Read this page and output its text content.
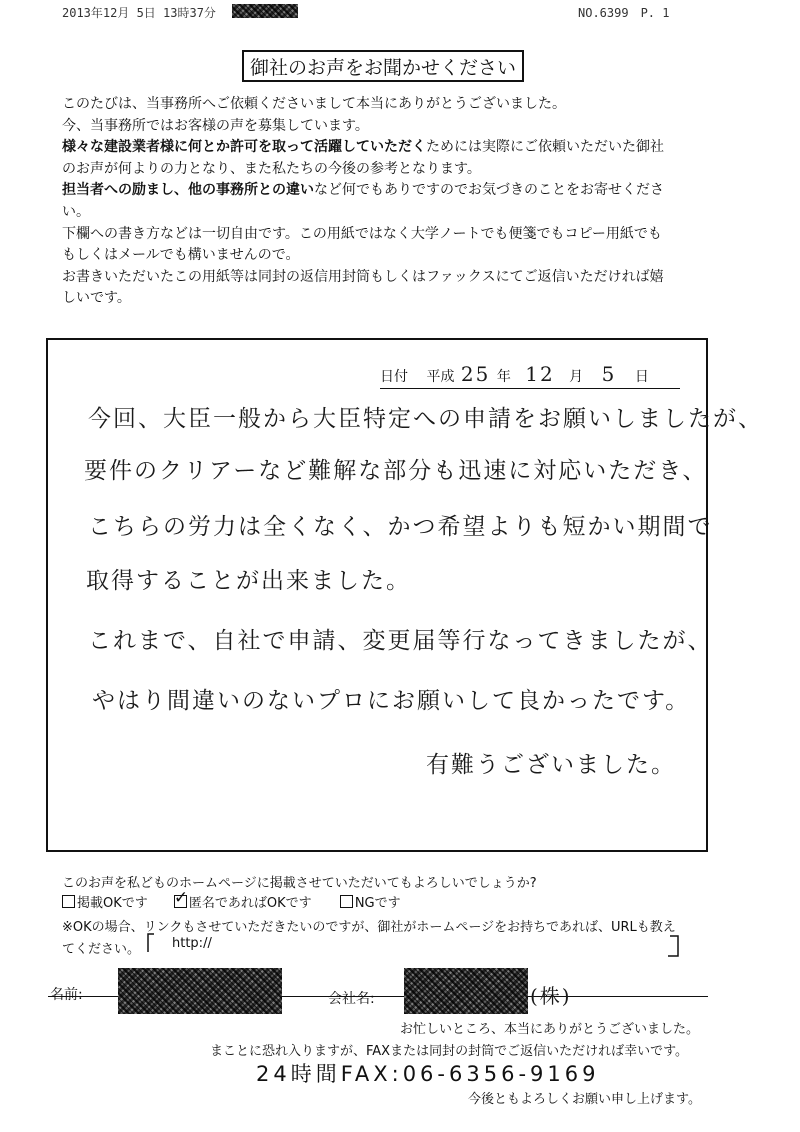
2013年12月 5日 13時37分	NO.6399　P. 1
御社のお声をお聞かせください

このたびは、当事務所へご依頼くださいまして本当にありがとうございました。

今、当事務所ではお客様の声を募集しています。

様々な建設業者様に何とか許可を取って活躍していただくためには実際にご依頼いただいた御社

のお声が何よりの力となり、また私たちの今後の参考となります。

担当者への励まし、他の事務所との違いなど何でもありですのでお気づきのことをお寄せくださ

い。

下欄への書き方などは一切自由です。この用紙ではなく大学ノートでも便箋でもコピー用紙でも

もしくはメールでも構いませんので。

お書きいただいたこの用紙等は同封の返信用封筒もしくはファックスにてご返信いただければ嬉

しいです。

日付 平成 25 年 12 月 5 日
今回、大臣一般から大臣特定への申請をお願いしましたが、
要件のクリアーなど難解な部分も迅速に対応いただき、
こちらの労力は全くなく、かつ希望よりも短かい期間で
取得することが出来ました。
これまで、自社で申請、変更届等行なってきましたが、
やはり間違いのないプロにお願いして良かったです。
有難うございました。
このお声を私どものホームページに掲載させていただいてもよろしいでしょうか?
掲載OKです ✓ 匿名であればOKです	NGです
※OKの場合、リンクもさせていただきたいのですが、御社がホームページをお持ちであれば、URLも教え
てください。 http://
名前:	会社名:	(株)
お忙しいところ、本当にありがとうございました。
まことに恐れ入りますが、FAXまたは同封の封筒でご返信いただければ幸いです。
24時間FAX:06-6356-9169
今後ともよろしくお願い申し上げます。
